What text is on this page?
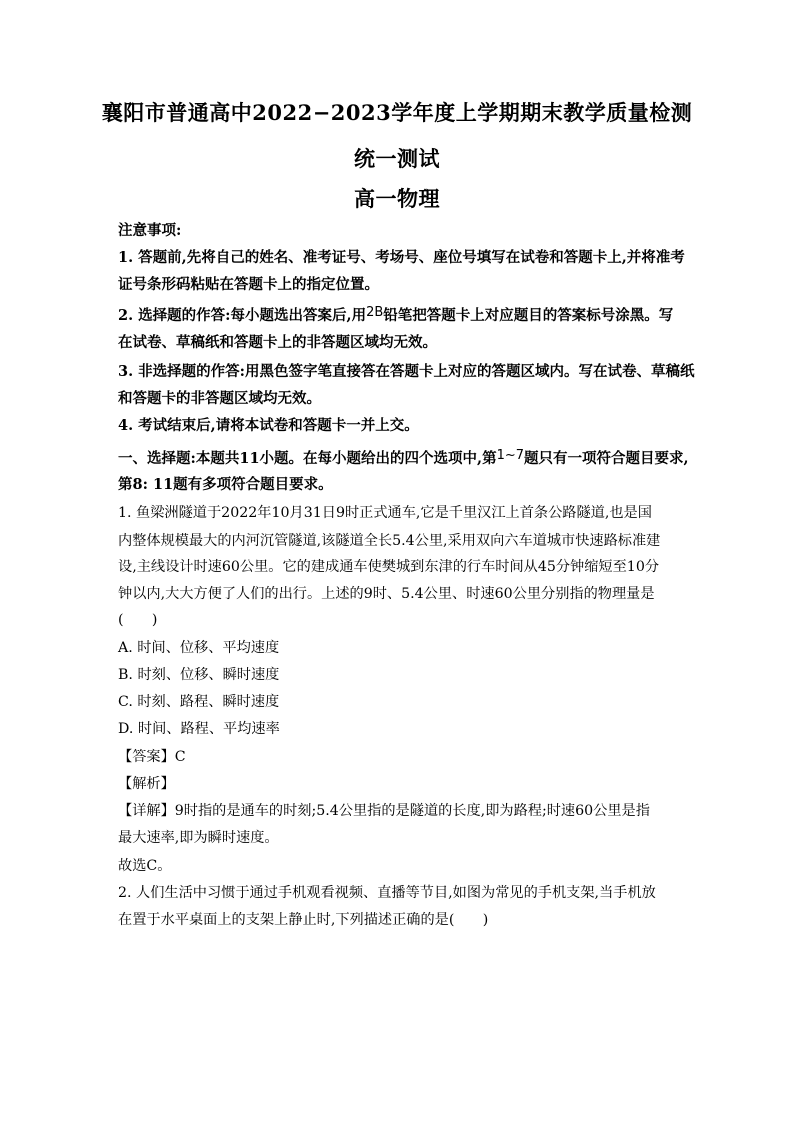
襄阳市普通高中2022−2023学年度上学期期末教学质量检测
统一测试
高一物理
注意事项:
1. 答题前,先将自己的姓名、准考证号、考场号、座位号填写在试卷和答题卡上,并将准考
证号条形码粘贴在答题卡上的指定位置。
2. 选择题的作答:每小题选出答案后,用2B铅笔把答题卡上对应题目的答案标号涂黑。写
在试卷、草稿纸和答题卡上的非答题区域均无效。
3. 非选择题的作答:用黑色签字笔直接答在答题卡上对应的答题区域内。写在试卷、草稿纸
和答题卡的非答题区域均无效。
4. 考试结束后,请将本试卷和答题卡一并上交。
一、选择题:本题共11小题。在每小题给出的四个选项中,第1~7题只有一项符合题目要求,
第8: 11题有多项符合题目要求。
1. 鱼梁洲隧道于2022年10月31日9时正式通车,它是千里汉江上首条公路隧道,也是国
内整体规模最大的内河沉管隧道,该隧道全长5.4公里,采用双向六车道城市快速路标准建
设,主线设计时速60公里。它的建成通车使樊城到东津的行车时间从45分钟缩短至10分
钟以内,大大方便了人们的出行。上述的9时、5.4公里、时速60公里分别指的物理量是
(　　)
A. 时间、位移、平均速度
B. 时刻、位移、瞬时速度
C. 时刻、路程、瞬时速度
D. 时间、路程、平均速率
【答案】C
【解析】
【详解】9时指的是通车的时刻;5.4公里指的是隧道的长度,即为路程;时速60公里是指
最大速率,即为瞬时速度。
故选C。
2. 人们生活中习惯于通过手机观看视频、直播等节目,如图为常见的手机支架,当手机放
在置于水平桌面上的支架上静止时,下列描述正确的是(　　)
